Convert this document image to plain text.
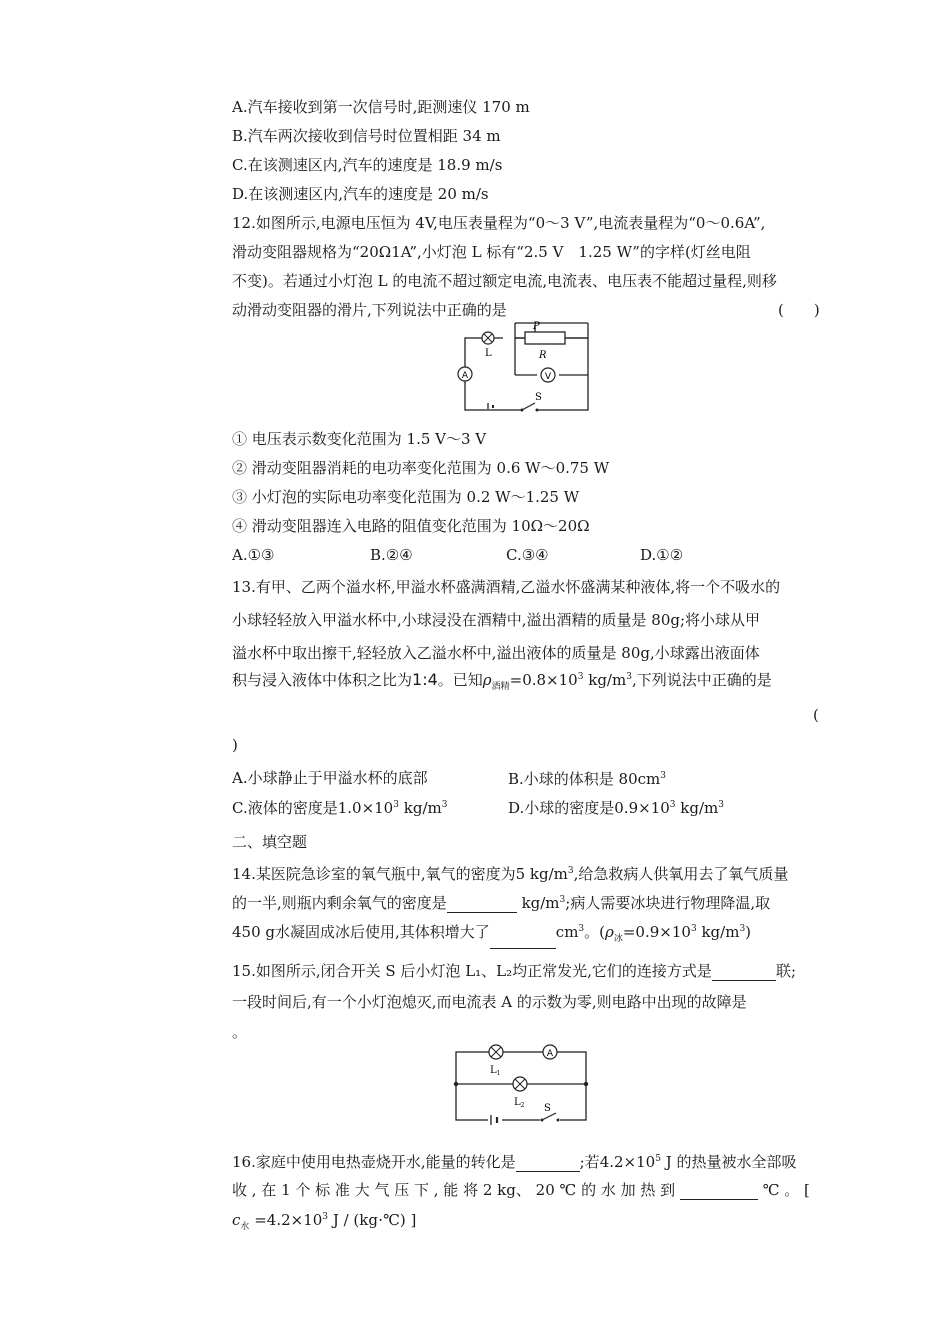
A.汽车接收到第一次信号时,距测速仪 170 m
B.汽车两次接收到信号时位置相距 34 m
C.在该测速区内,汽车的速度是 18.9 m/s
D.在该测速区内,汽车的速度是 20 m/s
12.如图所示,电源电压恒为 4V,电压表量程为“0～3 V”,电流表量程为“0～0.6A”,
滑动变阻器规格为“20Ω1A”,小灯泡 L 标有“2.5 V　1.25 W”的字样(灯丝电阻
不变)。若通过小灯泡 L 的电流不超过额定电流,电流表、电压表不能超过量程,则移
动滑动变阻器的滑片,下列说法中正确的是	(　　)
A	V
L
P
R
S
① 电压表示数变化范围为 1.5 V～3 V
② 滑动变阻器消耗的电功率变化范围为 0.6 W～0.75 W
③ 小灯泡的实际电功率变化范围为 0.2 W～1.25 W
④ 滑动变阻器连入电路的阻值变化范围为 10Ω～20Ω
A.①③	B.②④	C.③④	D.①②
13.有甲、乙两个溢水杯,甲溢水杯盛满酒精,乙溢水怀盛满某种液体,将一个不吸水的
小球轻轻放入甲溢水杯中,小球浸没在酒精中,溢出酒精的质量是 80g;将小球从甲
溢水杯中取出擦干,轻轻放入乙溢水杯中,溢出液体的质量是 80g,小球露出液面体
积与浸入液体中体积之比为1:4。已知$\rho_{酒精}=0.8\times 10^3$ $kg/m^3$,下列说法中正确的是
(
)
A.小球静止于甲溢水杯的底部	B.小球的体积是 $80cm^3$
C.液体的密度是$1.0\times 10^3$ $kg/m^3$	D.小球的密度是$0.9\times 10^3$ $kg/m^3$
二、填空题
14.某医院急诊室的氧气瓶中,氧气的密度为5 $kg/m^3$,给急救病人供氧用去了氧气质量
的一半,则瓶内剩余氧气的密度是	$kg/m^3$;病人需要冰块进行物理降温,取
450 g水凝固成冰后使用,其体积增大了	$cm^3$。($\rho_冰=0.9\times 10^3$ $kg/m^3$)
15.如图所示,闭合开关 S 后小灯泡 L₁、L₂均正常发光,它们的连接方式是	联;
一段时间后,有一个小灯泡熄灭,而电流表 A 的示数为零,则电路中出现的故障是
。
A
$L_1$
$L_2$ S
16.家庭中使用电热壶烧开水,能量的转化是	;若$4.2\times 10^5$ J 的热量被水全部吸
收 , 在 1 个 标 准 大 气 压 下 , 能 将 2 kg、 20 ℃ 的 水 加 热 到	℃ 。 [
$c_水 =4.2\times 10^3$ J / (kg⋅℃) ]
